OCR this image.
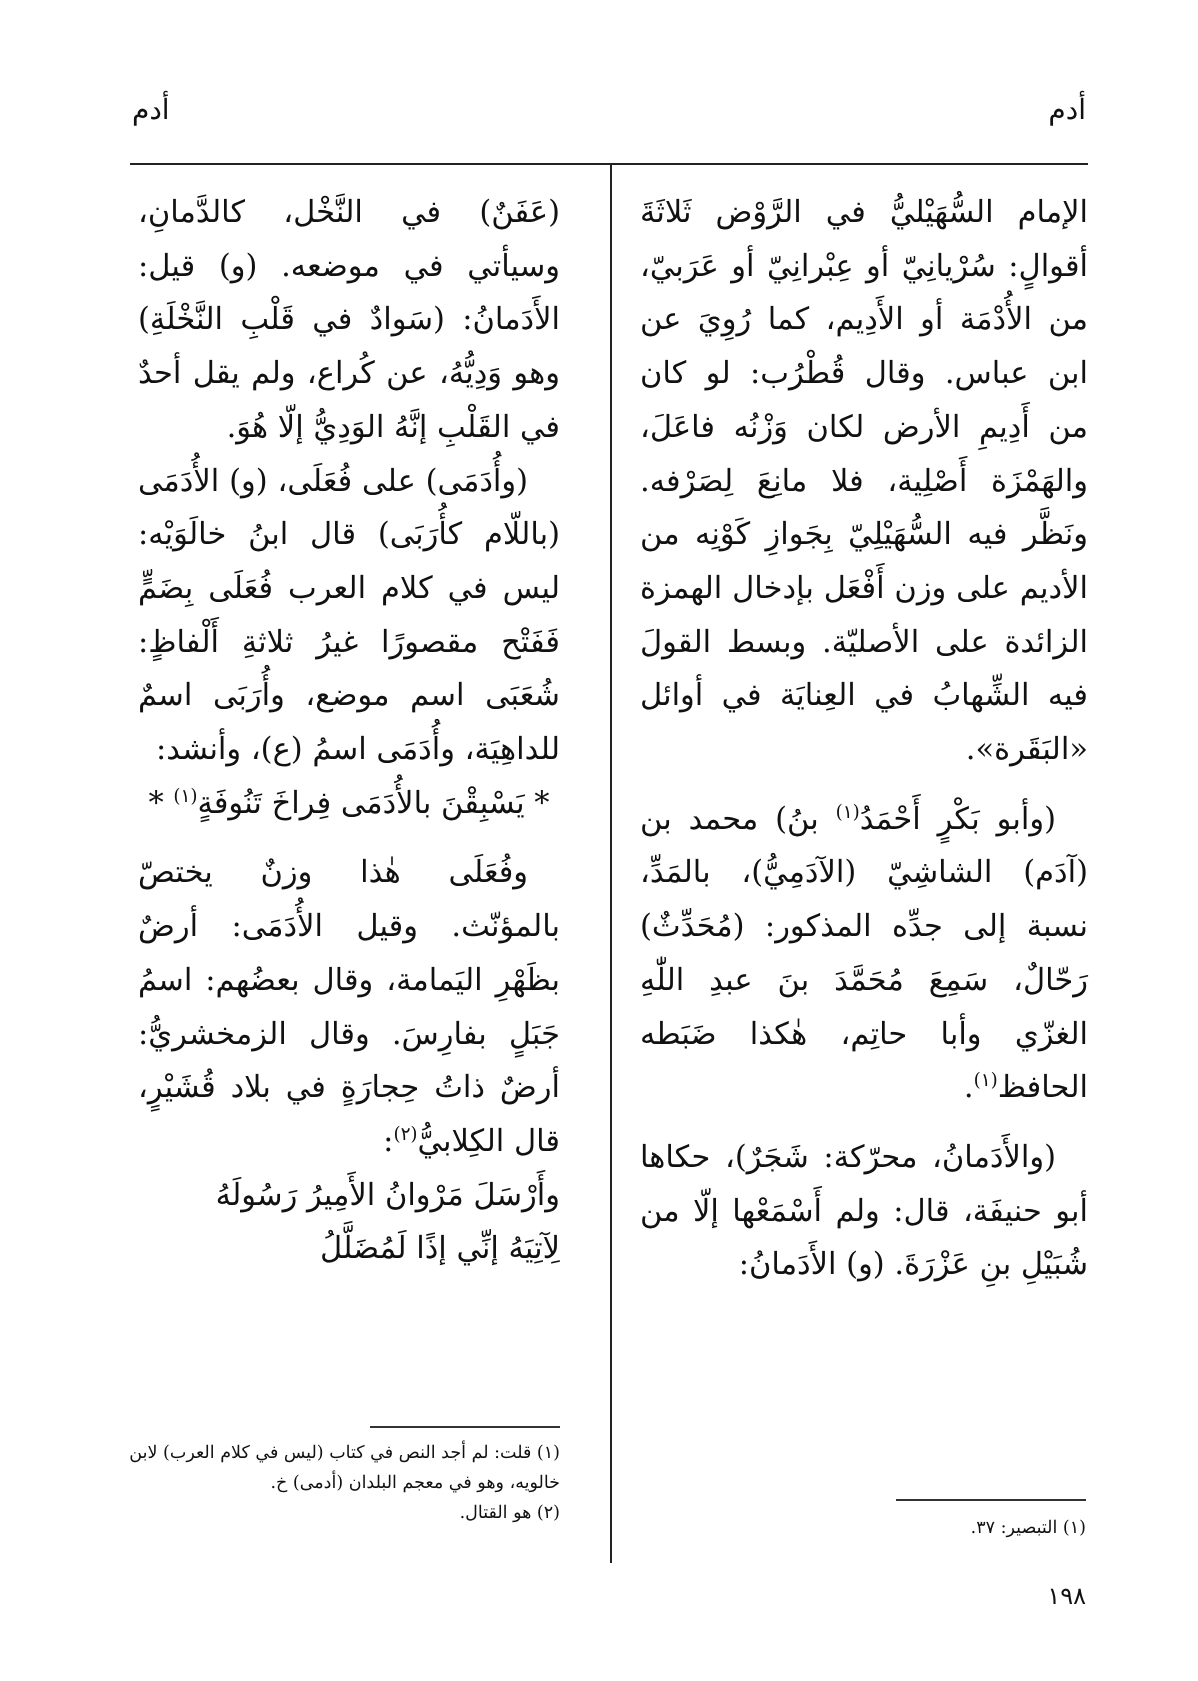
أدم
أدم

الإمام السُّهَيْليُّ في الرَّوْض ثَلاثَةَ أقوالٍ: سُرْيانِيّ أو عِبْرانِيّ أو عَرَبيّ، من الأُدْمَة أو الأَدِيم، كما رُوِيَ عن ابن عباس. وقال قُطْرُب: لو كان من أَدِيمِ الأرض لكان وَزْنُه فاعَلَ، والهَمْزَة أَصْلِية، فلا مانِعَ لِصَرْفه. ونَظَّر فيه السُّهَيْلِيّ بِجَوازِ كَوْنِه من الأديم على وزن أَفْعَل بإدخال الهمزة الزائدة على الأصليّة. وبسط القولَ فيه الشِّهابُ في العِنايَة في أوائل «البَقَرة».

(وأبو بَكْرٍ أَحْمَدُ$^{(١)}$ بنُ) محمد بن (آدَم) الشاشِيّ (الآدَمِيُّ)، بالمَدِّ، نسبة إلى جدِّه المذكور: (مُحَدِّثٌ) رَحّالٌ، سَمِعَ مُحَمَّدَ بنَ عبدِ اللّٰهِ الغزّي وأبا حاتِم، هٰكذا ضَبَطه الحافظ$^{(١)}$.

(والأَدَمانُ، محرّكة: شَجَرٌ)، حكاها أبو حنيفَة، قال: ولم أَسْمَعْها إلّا من شُبَيْلِ بنِ عَزْرَةَ. (و) الأَدَمانُ:

(عَفَنٌ) في النَّخْل، كالدَّمانِ، وسيأتي في موضعه. (و) قيل: الأَدَمانُ: (سَوادٌ في قَلْبِ النَّخْلَةِ) وهو وَدِيُّهُ، عن كُراع، ولم يقل أحدٌ في القَلْبِ إنَّهُ الوَدِيُّ إلّا هُوَ.

(وأُدَمَى) على فُعَلَى، (و) الأُدَمَى (باللّام كأُرَبَى) قال ابنُ خالَوَيْه: ليس في كلام العرب فُعَلَى بِضَمٍّ فَفَتْح مقصورًا غيرُ ثلاثةِ أَلْفاظٍ: شُعَبَى اسم موضع، وأُرَبَى اسمٌ للداهِيَة، وأُدَمَى اسمُ (ع)، وأنشد:

* يَسْبِقْنَ بالأُدَمَى فِراخَ تَنُوفَةٍ$^{(١)}$ *

وفُعَلَى هٰذا وزنٌ يختصّ بالمؤنّث. وقيل الأُدَمَى: أرضٌ بظَهْرِ اليَمامة، وقال بعضُهم: اسمُ جَبَلٍ بفارِسَ. وقال الزمخشريُّ: أرضٌ ذاتُ حِجارَةٍ في بلاد قُشَيْرٍ، قال الكِلابيُّ$^{(٢)}$:

وأَرْسَلَ مَرْوانُ الأَمِيرُ رَسُولَهُ

لِآتِيَهُ إنِّي إذًا لَمُضَلَّلُ

(١) التبصير: ٣٧.

(١) قلت: لم أجد النص في كتاب (ليس في كلام العرب) لابن خالويه، وهو في معجم البلدان (أدمى) خ.

(٢) هو القتال.

١٩٨
